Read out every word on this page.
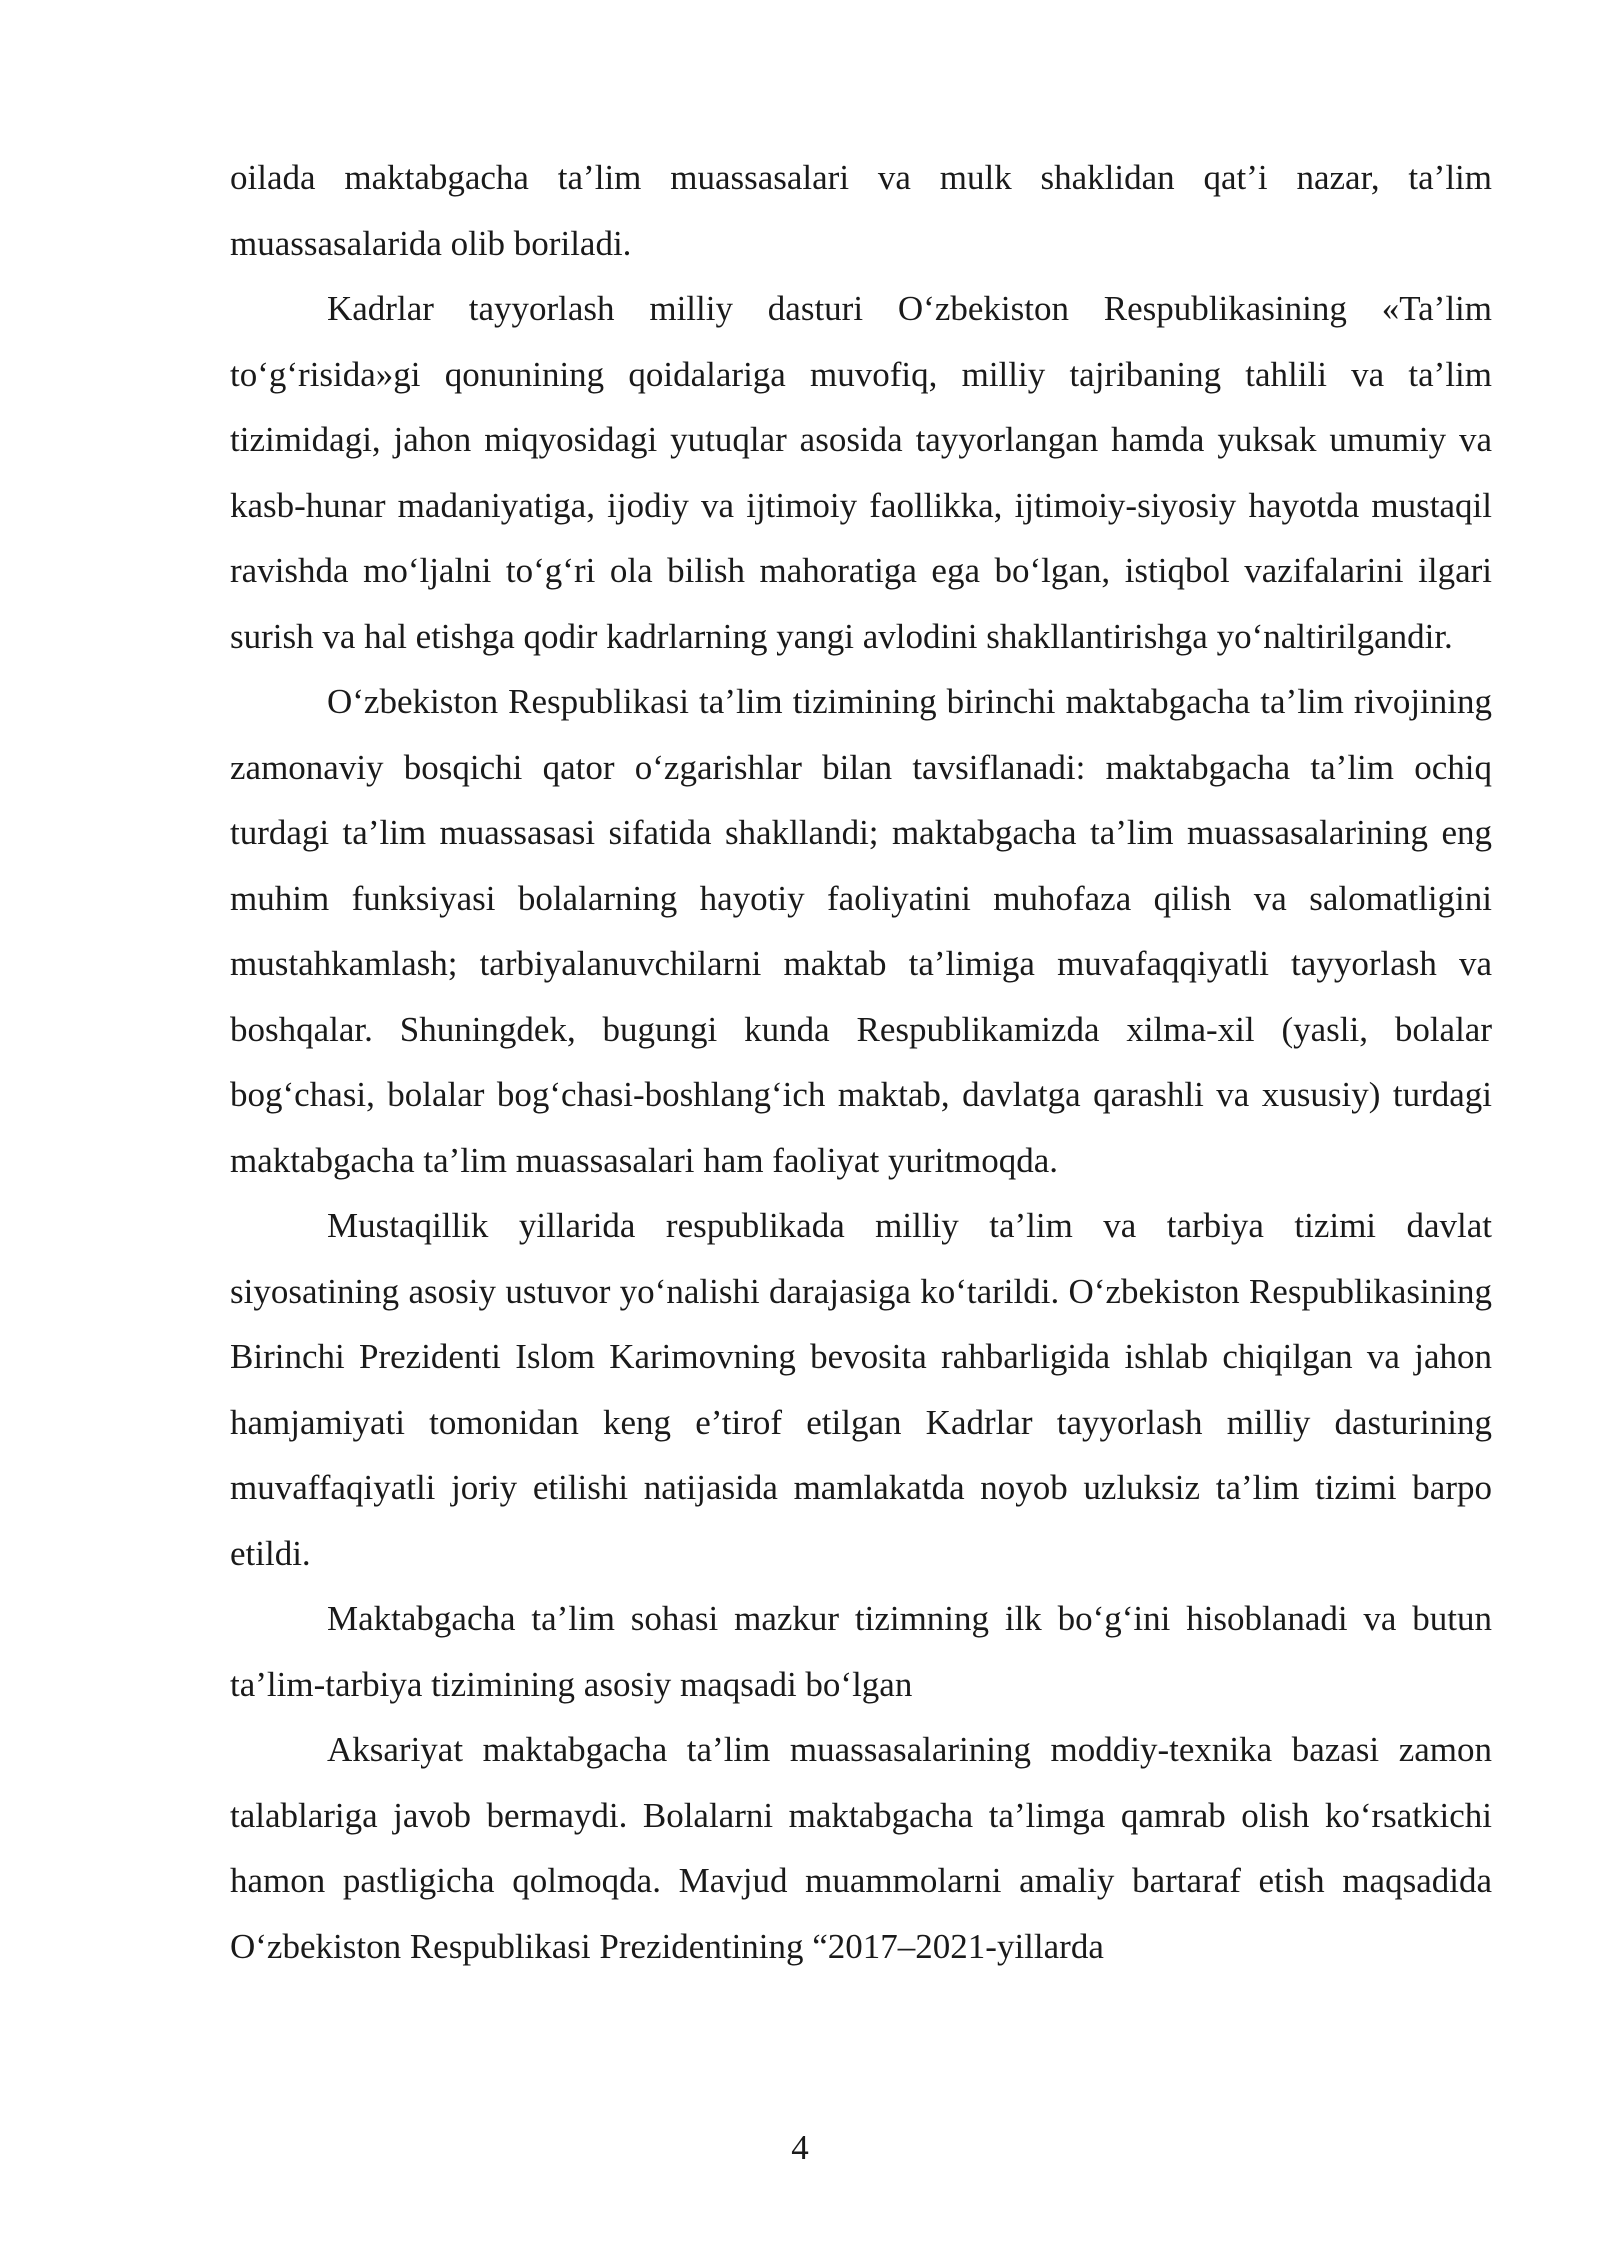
oilada maktabgacha ta’lim muassasalari va mulk shaklidan qat’i nazar, ta’lim muassasalarida olib boriladi.

Kadrlar tayyorlash milliy dasturi O‘zbekiston Respublikasining «Ta’lim to‘g‘risida»gi qonunining qoidalariga muvofiq, milliy tajribaning tahlili va ta’lim tizimidagi, jahon miqyosidagi yutuqlar asosida tayyorlangan hamda yuksak umumiy va kasb-hunar madaniyatiga, ijodiy va ijtimoiy faollikka, ijtimoiy-siyosiy hayotda mustaqil ravishda mo‘ljalni to‘g‘ri ola bilish mahoratiga ega bo‘lgan, istiqbol vazifalarini ilgari surish va hal etishga qodir kadrlarning yangi avlodini shakllantirishga yo‘naltirilgandir.

O‘zbekiston Respublikasi ta’lim tizimining birinchi maktabgacha ta’lim rivojining zamonaviy bosqichi qator o‘zgarishlar bilan tavsiflanadi: maktabgacha ta’lim ochiq turdagi ta’lim muassasasi sifatida shakllandi; maktabgacha ta’lim muassasalarining eng muhim funksiyasi bolalarning hayotiy faoliyatini muhofaza qilish va salomatligini mustahkamlash; tarbiyalanuvchilarni maktab ta’limiga muvafaqqiyatli tayyorlash va boshqalar. Shuningdek, bugungi kunda Respublikamizda xilma-xil (yasli, bolalar bog‘chasi, bolalar bog‘chasi-boshlang‘ich maktab, davlatga qarashli va xususiy) turdagi maktabgacha ta’lim muassasalari ham faoliyat yuritmoqda.

Mustaqillik yillarida respublikada milliy ta’lim va tarbiya tizimi davlat siyosatining asosiy ustuvor yo‘nalishi darajasiga ko‘tarildi. O‘zbekiston Respublikasining Birinchi Prezidenti Islom Karimovning bevosita rahbarligida ishlab chiqilgan va jahon hamjamiyati tomonidan keng e’tirof etilgan Kadrlar tayyorlash milliy dasturining muvaffaqiyatli joriy etilishi natijasida mamlakatda noyob uzluksiz ta’lim tizimi barpo etildi.

Maktabgacha ta’lim sohasi mazkur tizimning ilk bo‘g‘ini hisoblanadi va butun ta’lim-tarbiya tizimining asosiy maqsadi bo‘lgan

Aksariyat maktabgacha ta’lim muassasalarining moddiy-texnika bazasi zamon talablariga javob bermaydi. Bolalarni maktabgacha ta’limga qamrab olish ko‘rsatkichi hamon pastligicha qolmoqda. Mavjud muammolarni amaliy bartaraf etish maqsadida O‘zbekiston Respublikasi Prezidentining “2017–2021-yillarda

4
